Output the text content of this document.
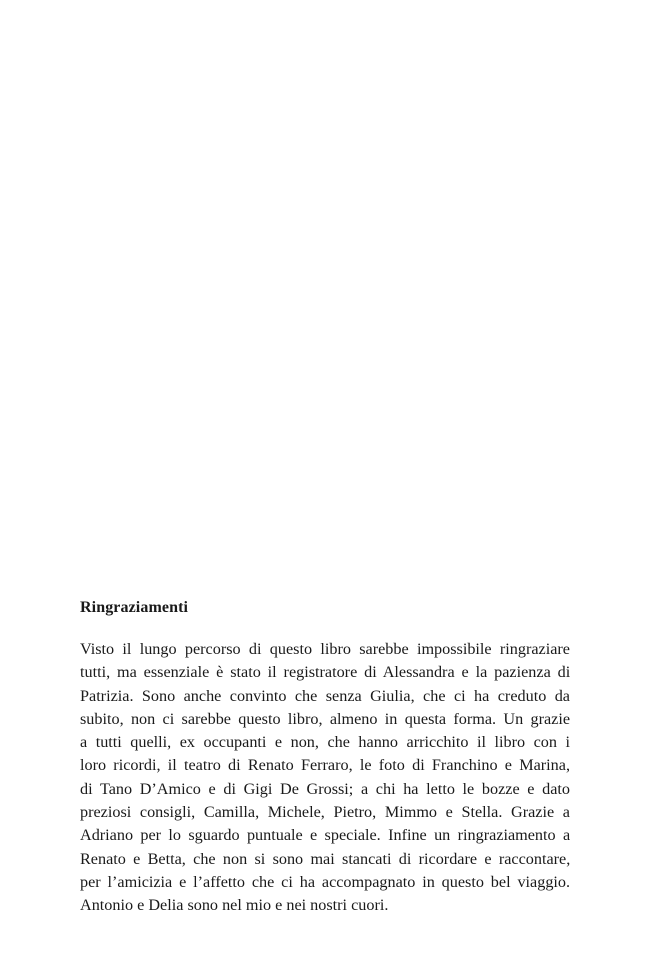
Ringraziamenti

Visto il lungo percorso di questo libro sarebbe impossibile ringraziare
tutti, ma essenziale è stato il registratore di Alessandra e la pazienza di
Patrizia. Sono anche convinto che senza Giulia, che ci ha creduto da
subito, non ci sarebbe questo libro, almeno in questa forma. Un grazie
a tutti quelli, ex occupanti e non, che hanno arricchito il libro con i
loro ricordi, il teatro di Renato Ferraro, le foto di Franchino e Marina,
di Tano D’Amico e di Gigi De Grossi; a chi ha letto le bozze e dato
preziosi consigli, Camilla, Michele, Pietro, Mimmo e Stella. Grazie a
Adriano per lo sguardo puntuale e speciale. Infine un ringraziamento a
Renato e Betta, che non si sono mai stancati di ricordare e raccontare,
per l’amicizia e l’affetto che ci ha accompagnato in questo bel viaggio.
Antonio e Delia sono nel mio e nei nostri cuori.
